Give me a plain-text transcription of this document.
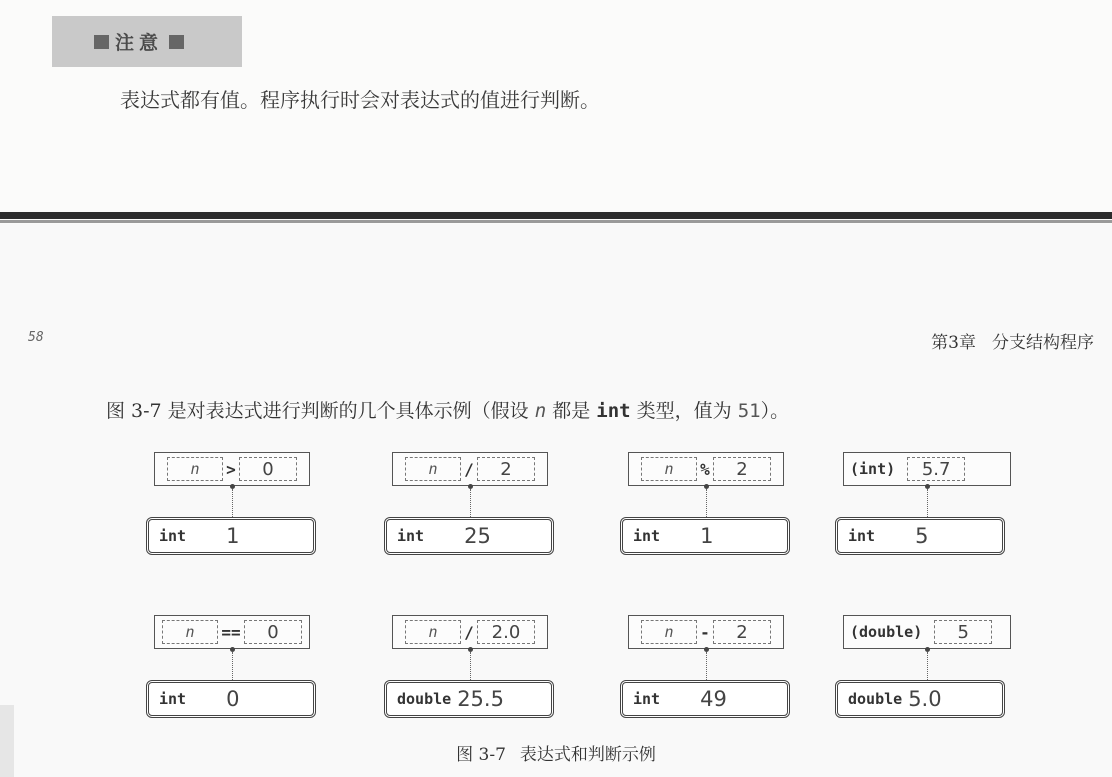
注意
表达式都有值。程序执行时会对表达式的值进行判断。
58	第3章 分支结构程序
图 3-7 是对表达式进行判断的几个具体示例（假设 n 都是 int 类型，值为 51）。
n	>	0
int 1
n	/	2
int 25
n	%	2
int 1
(int)	5.7
int 5
n	==	0
int 0
n	/ 2.0
double 25.5
n	-	2
int 49
(double)	5
double 5.0
图 3-7 表达式和判断示例
